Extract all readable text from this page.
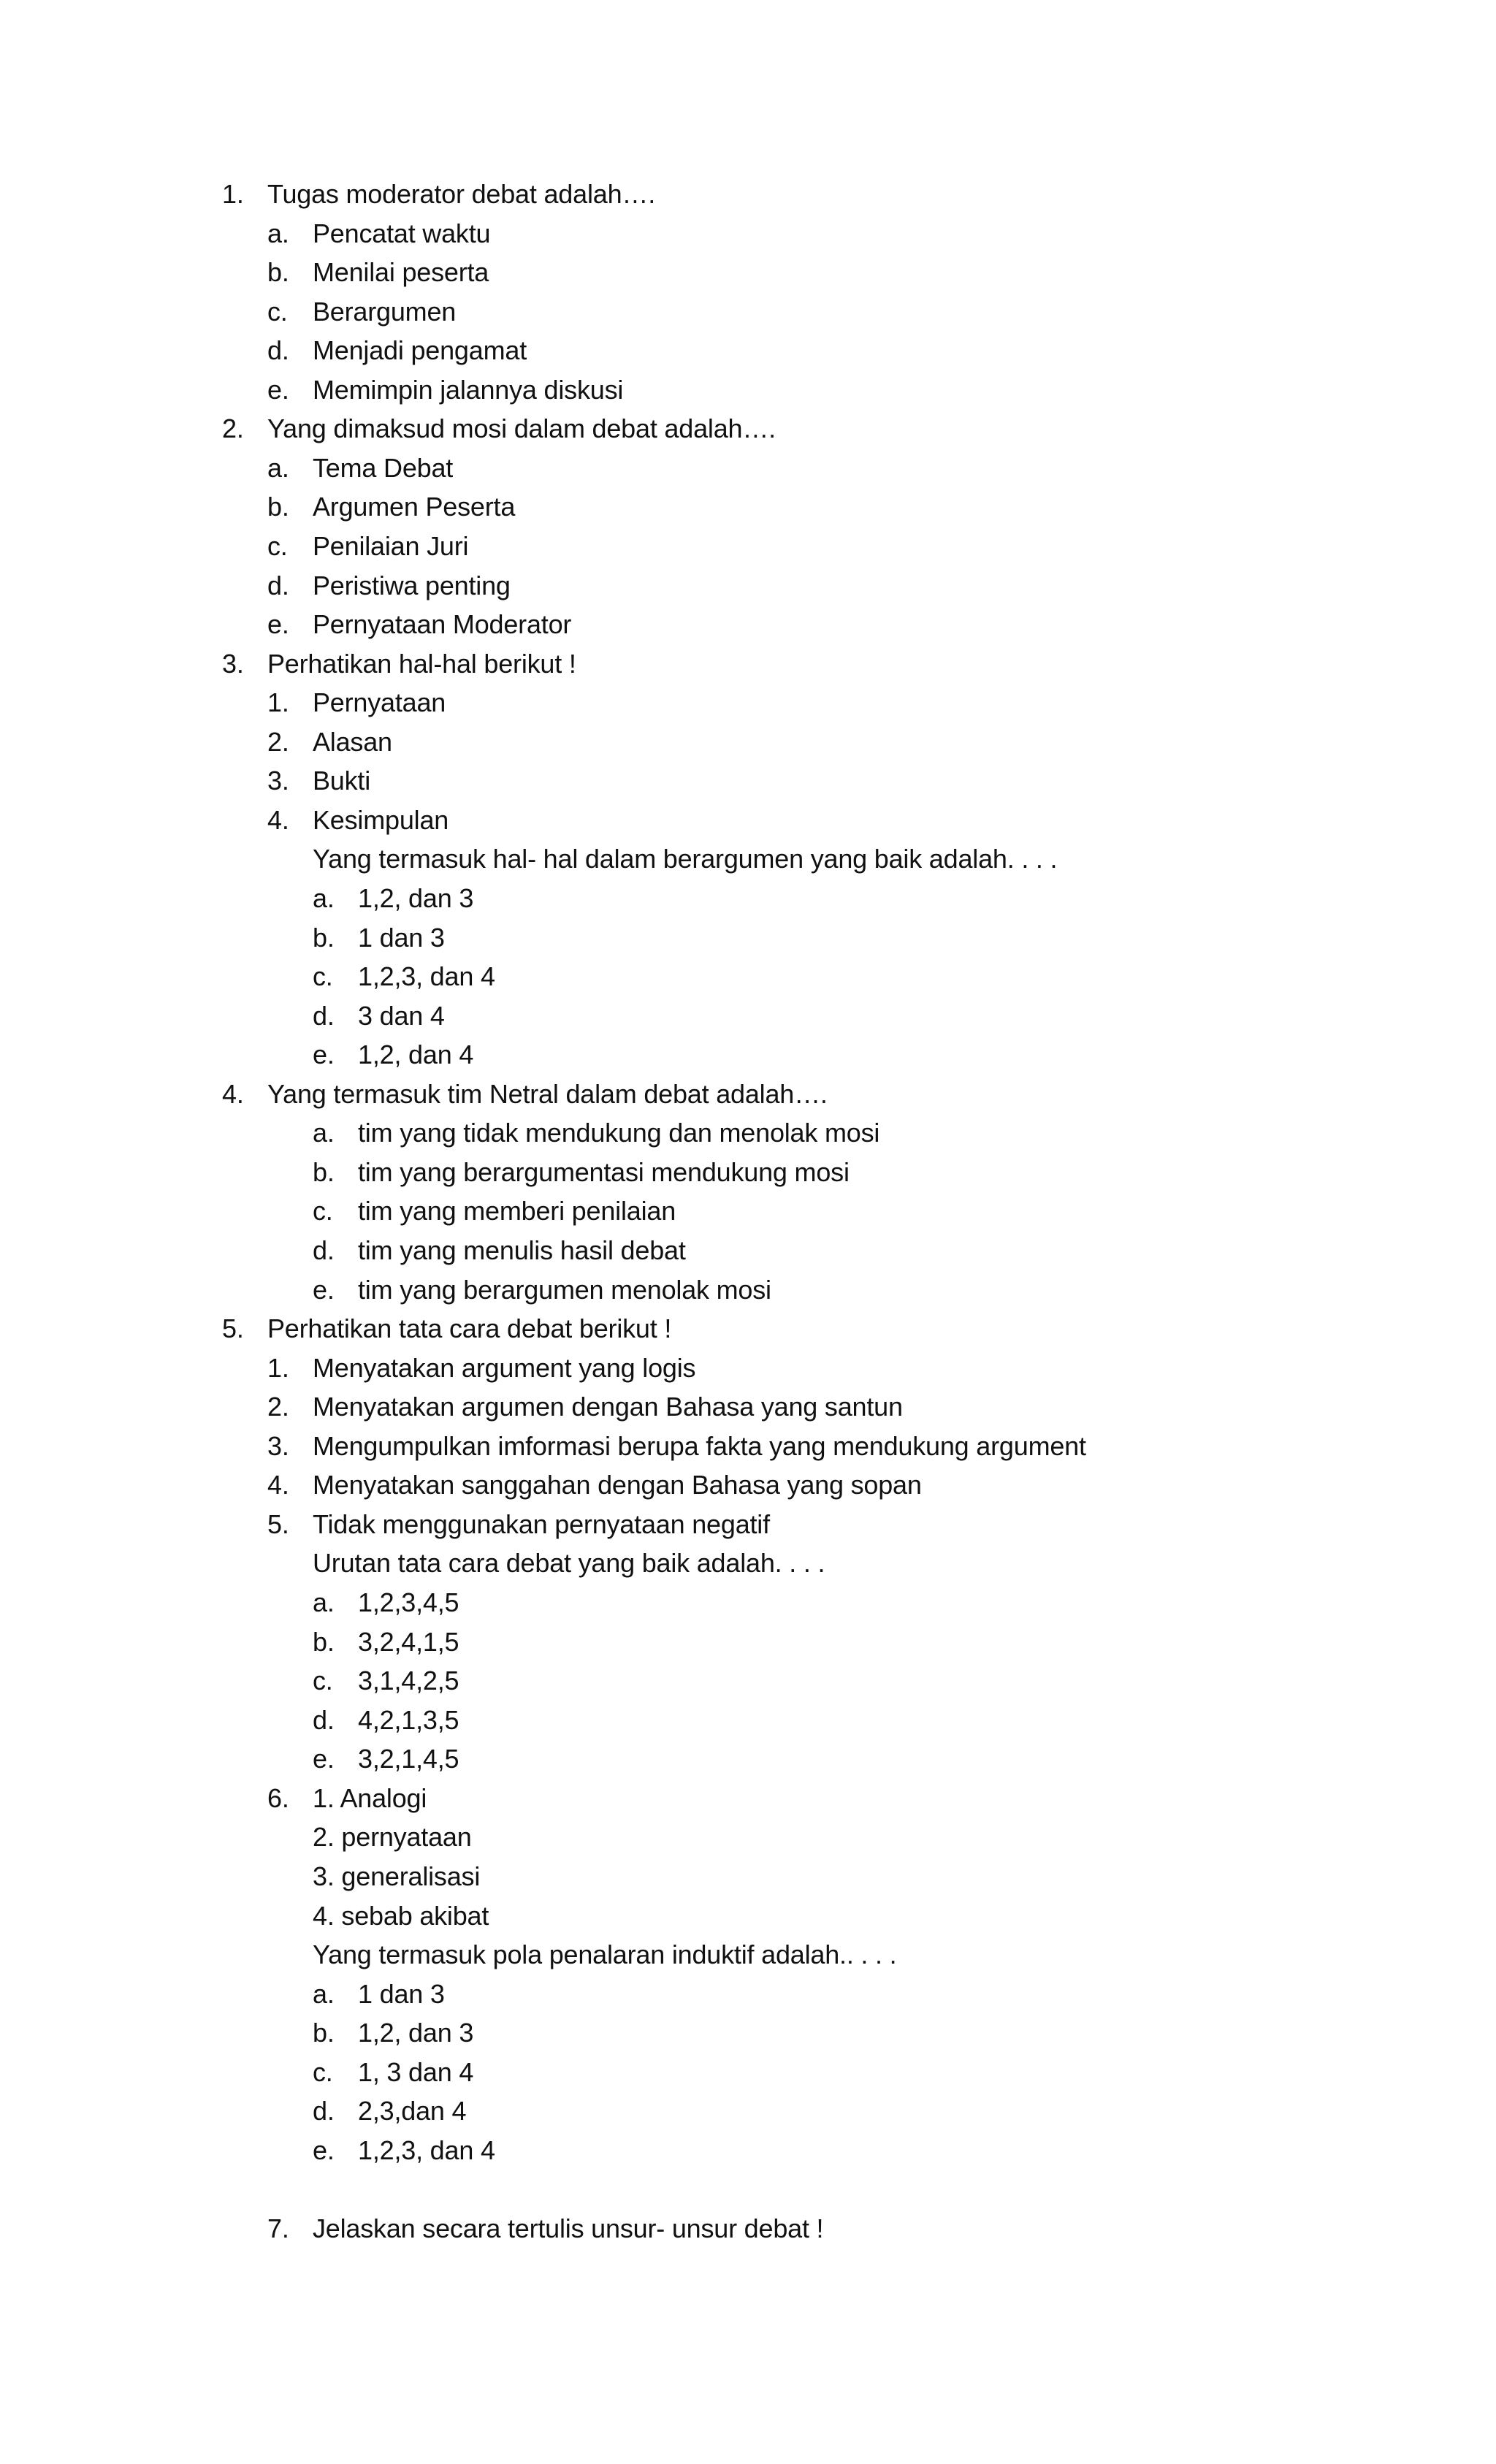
1. Tugas moderator debat adalah….
a. Pencatat waktu
b. Menilai peserta
c. Berargumen
d. Menjadi pengamat
e. Memimpin jalannya diskusi
2. Yang dimaksud mosi dalam debat adalah….
a. Tema Debat
b. Argumen Peserta
c. Penilaian Juri
d. Peristiwa penting
e. Pernyataan Moderator
3. Perhatikan hal-hal berikut !
1. Pernyataan
2. Alasan
3. Bukti
4. Kesimpulan
Yang termasuk hal- hal dalam berargumen yang baik adalah. . . .
a. 1,2, dan 3
b. 1 dan 3
c. 1,2,3, dan 4
d. 3 dan 4
e. 1,2, dan 4
4. Yang termasuk tim Netral dalam debat adalah….
a. tim yang tidak mendukung dan menolak mosi
b. tim yang berargumentasi mendukung mosi
c. tim yang memberi penilaian
d. tim yang menulis hasil debat
e. tim yang berargumen menolak mosi
5. Perhatikan tata cara debat berikut !
1. Menyatakan argument yang logis
2. Menyatakan argumen dengan Bahasa yang santun
3. Mengumpulkan imformasi berupa fakta yang mendukung argument
4. Menyatakan sanggahan dengan Bahasa yang sopan
5. Tidak menggunakan pernyataan negatif
Urutan tata cara debat yang baik adalah. . . .
a. 1,2,3,4,5
b. 3,2,4,1,5
c. 3,1,4,2,5
d. 4,2,1,3,5
e. 3,2,1,4,5
6. 1. Analogi
2. pernyataan
3. generalisasi
4. sebab akibat
Yang termasuk pola penalaran induktif adalah.. . . .
a. 1 dan 3
b. 1,2, dan 3
c. 1, 3 dan 4
d. 2,3,dan 4
e. 1,2,3, dan 4
7. Jelaskan secara tertulis unsur- unsur debat !
